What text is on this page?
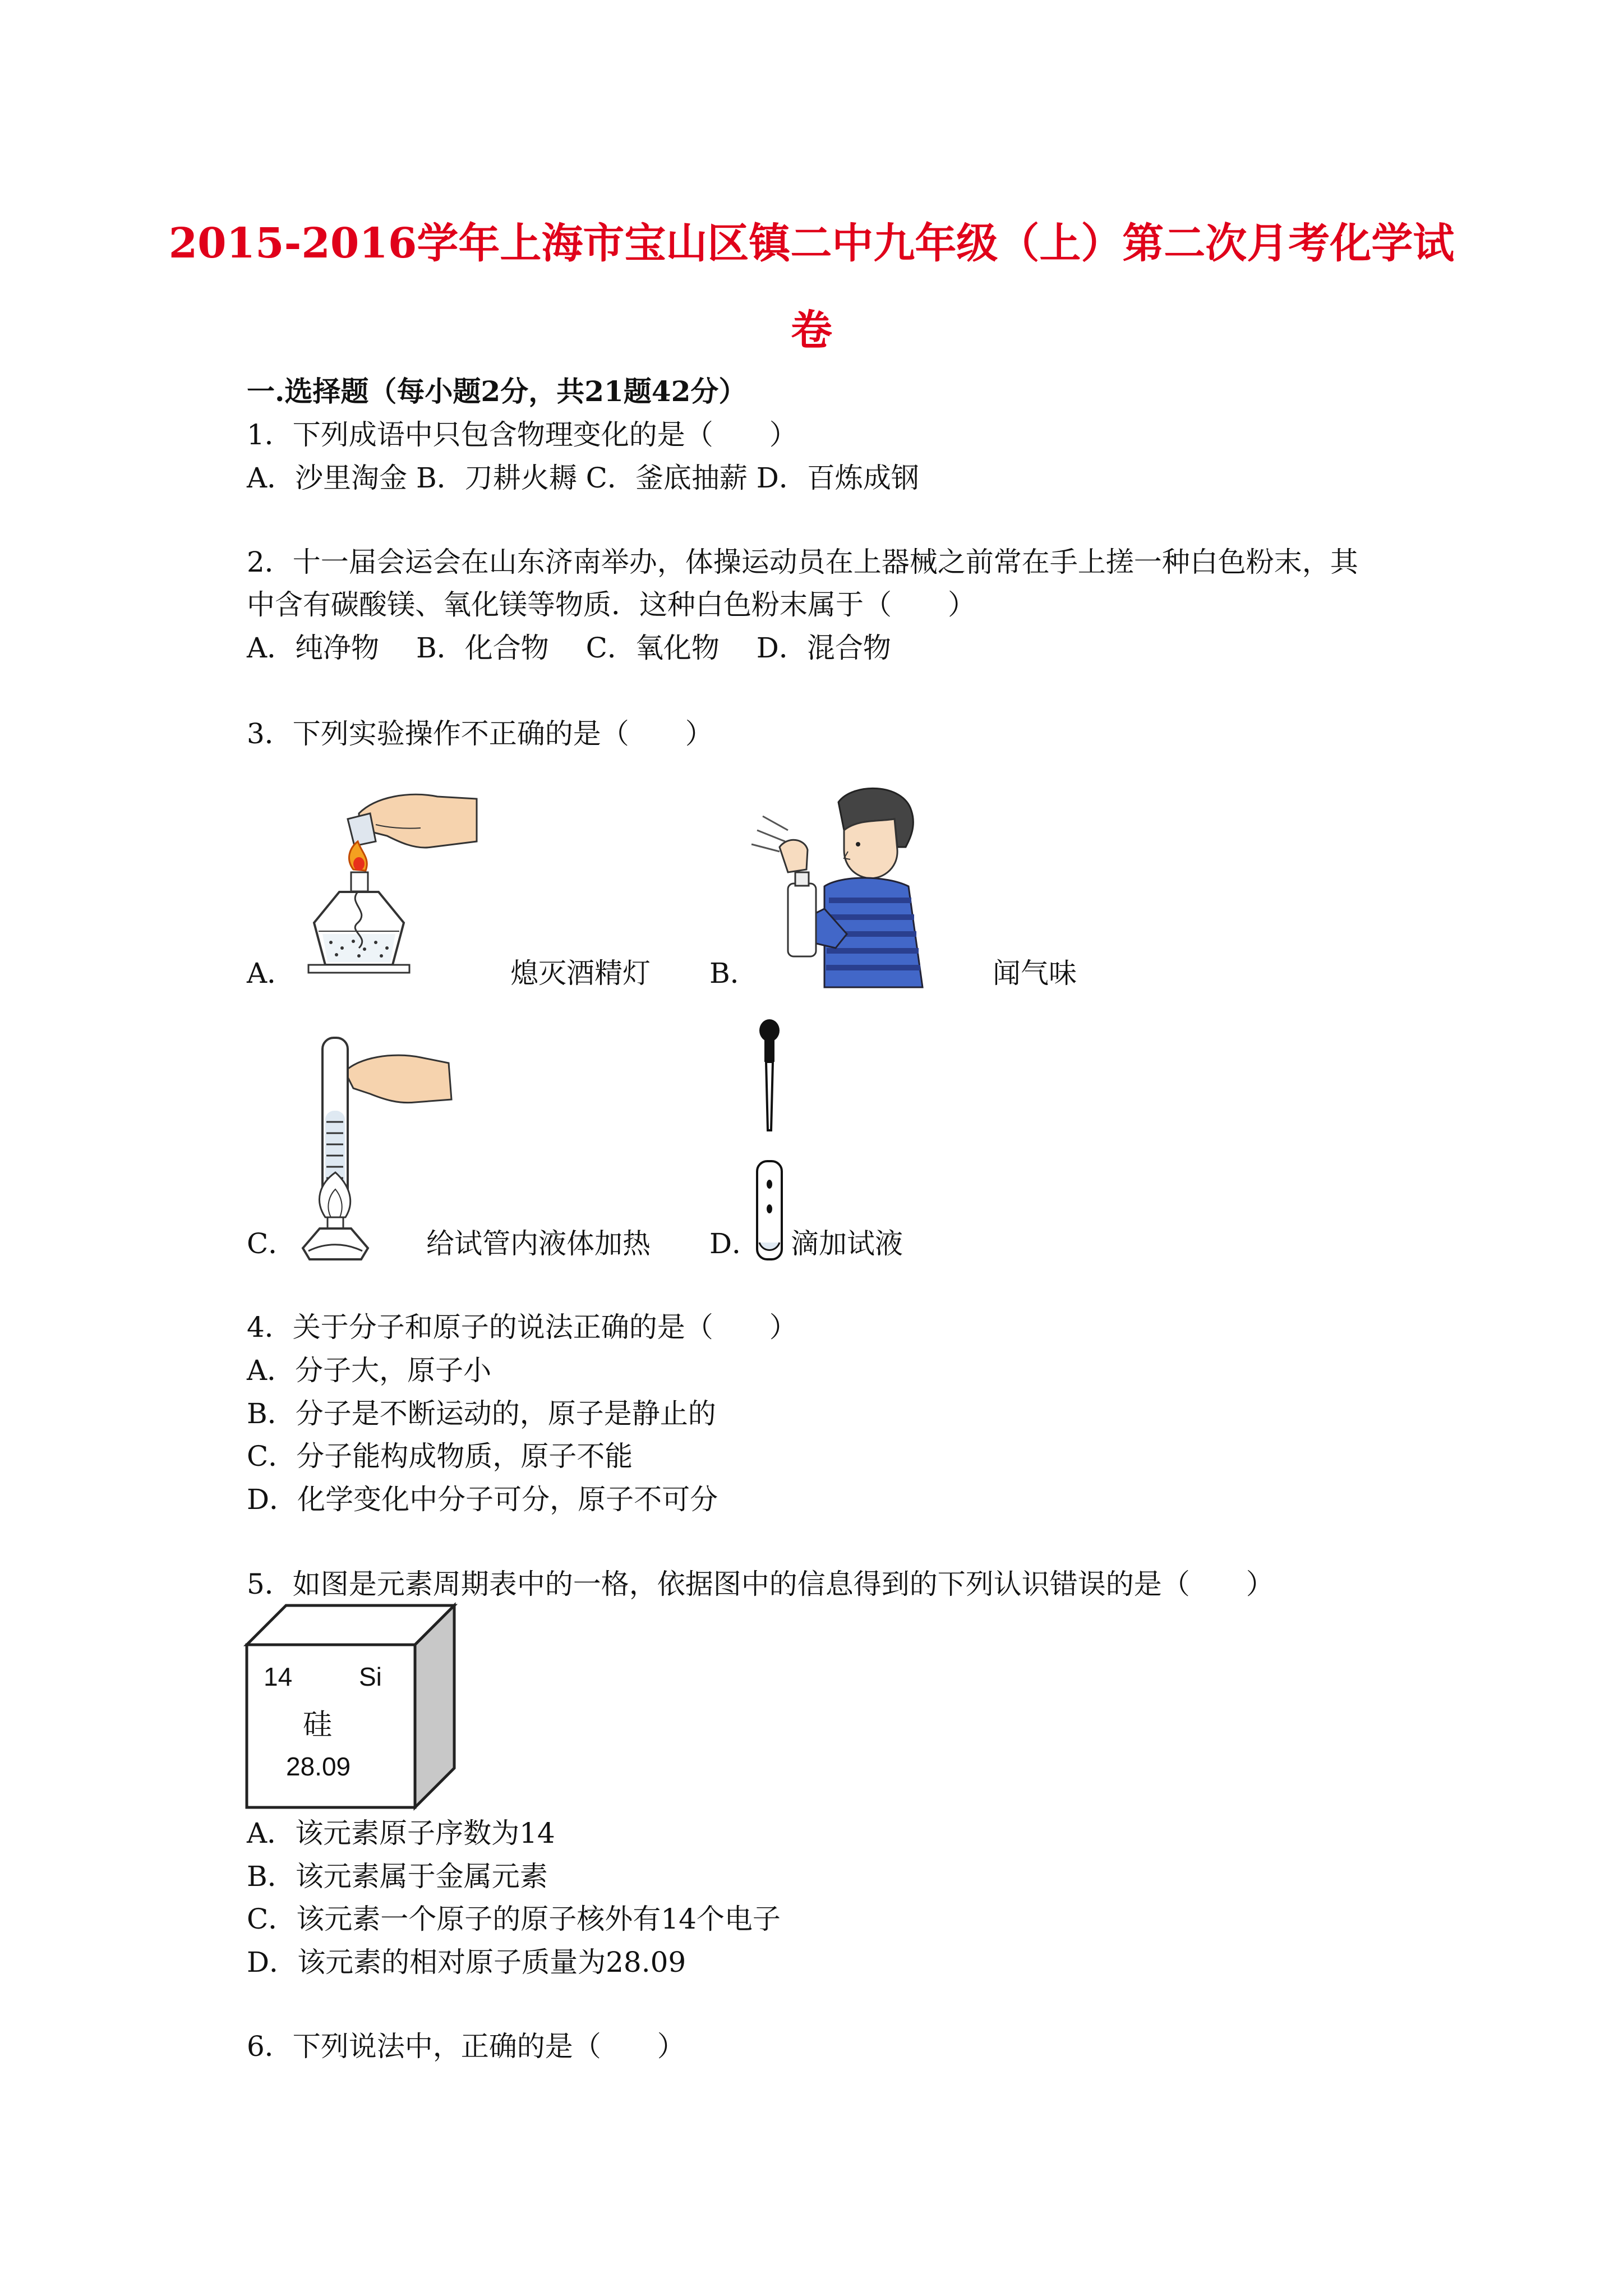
2015-2016学年上海市宝山区镇二中九年级（上）第二次月考化学试
卷
一.选择题（每小题2分，共21题42分）
1．下列成语中只包含物理变化的是（　　）
A．沙里淘金 B．刀耕火耨 C．釜底抽薪 D．百炼成钢
2．十一届会运会在山东济南举办，体操运动员在上器械之前常在手上搓一种白色粉末，其
中含有碳酸镁、氧化镁等物质．这种白色粉末属于（　　）
A．纯净物　 B．化合物　 C．氧化物　 D．混合物
3．下列实验操作不正确的是（　　）
A．	熄灭酒精灯 B．	闻气味
C．	给试管内液体加热 D． 滴加试液
4．关于分子和原子的说法正确的是（　　）
A．分子大，原子小
B．分子是不断运动的，原子是静止的
C．分子能构成物质，原子不能
D．化学变化中分子可分，原子不可分
5．如图是元素周期表中的一格，依据图中的信息得到的下列认识错误的是（　　）
14	Si
硅
28.09
A．该元素原子序数为14
B．该元素属于金属元素
C．该元素一个原子的原子核外有14个电子
D．该元素的相对原子质量为28.09
6．下列说法中，正确的是（　　）
